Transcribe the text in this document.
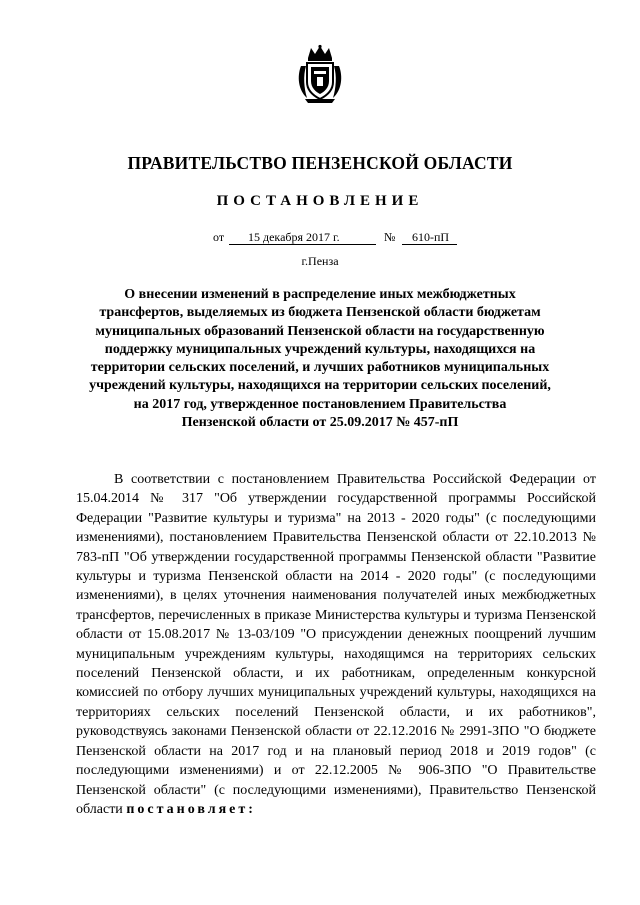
ПРАВИТЕЛЬСТВО ПЕНЗЕНСКОЙ ОБЛАСТИ
ПОСТАНОВЛЕНИЕ
от 15 декабря 2017 г.	№ 610-пП
г.Пенза
О внесении изменений в распределение иных межбюджетных
трансфертов, выделяемых из бюджета Пензенской области бюджетам
муниципальных образований Пензенской области на государственную
поддержку муниципальных учреждений культуры, находящихся на
территории сельских поселений, и лучших работников муниципальных
учреждений культуры, находящихся на территории сельских поселений,
на 2017 год, утвержденное постановлением Правительства
Пензенской области от 25.09.2017 № 457-пП

В соответствии с постановлением Правительства Российской Федерации от 15.04.2014 № 317 "Об утверждении государственной программы Российской Федерации "Развитие культуры и туризма" на 2013 - 2020 годы" (с последующими изменениями), постановлением Правительства Пензенской области от 22.10.2013 № 783-пП "Об утверждении государственной программы Пензенской области "Развитие культуры и туризма Пензенской области на 2014 - 2020 годы" (с последующими изменениями), в целях уточнения наименования получателей иных межбюджетных трансфертов, перечисленных в приказе Министерства культуры и туризма Пензенской области от 15.08.2017 № 13-03/109 "О присуждении денежных поощрений лучшим муниципальным учреждениям культуры, находящимся на территориях сельских поселений Пензенской области, и их работникам, определенным конкурсной комиссией по отбору лучших муниципальных учреждений культуры, находящихся на территориях сельских поселений Пензенской области, и их работников", руководствуясь законами Пензенской области от 22.12.2016 № 2991-ЗПО "О бюджете Пензенской области на 2017 год и на плановый период 2018 и 2019 годов" (с последующими изменениями) и от 22.12.2005 № 906-ЗПО "О Правительстве Пензенской области" (с последующими изменениями), Правительство Пензенской области постановляет:
